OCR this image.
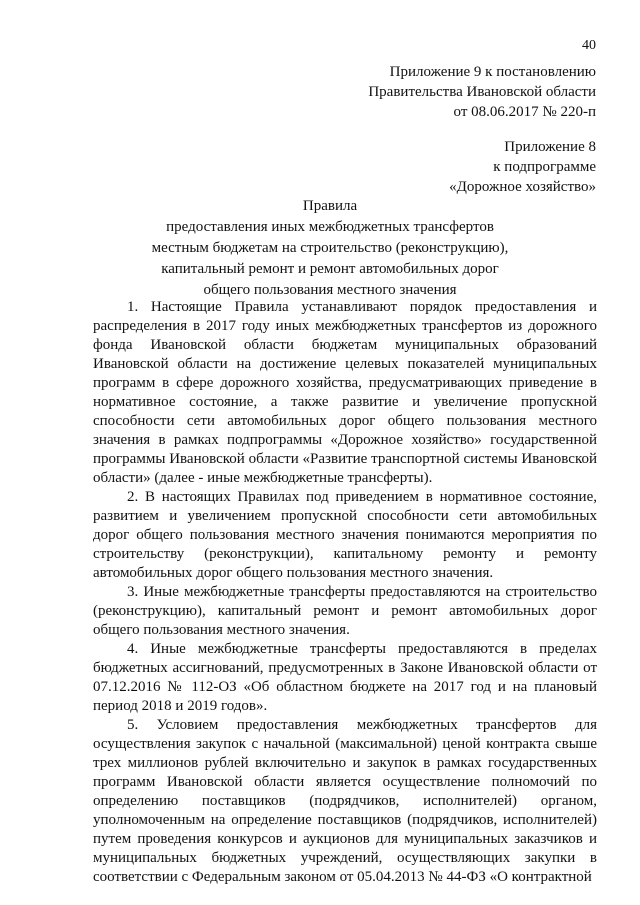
40
Приложение 9 к постановлению
Правительства Ивановской области
от 08.06.2017 № 220-п
Приложение 8
к подпрограмме
«Дорожное хозяйство»
Правила
предоставления иных межбюджетных трансфертов
местным бюджетам на строительство (реконструкцию),
капитальный ремонт и ремонт автомобильных дорог
общего пользования местного значения

1. Настоящие Правила устанавливают порядок предоставления и распределения в 2017 году иных межбюджетных трансфертов из дорожного фонда Ивановской области бюджетам муниципальных образований Ивановской области на достижение целевых показателей муниципальных программ в сфере дорожного хозяйства, предусматривающих приведение в нормативное состояние, а также развитие и увеличение пропускной способности сети автомобильных дорог общего пользования местного значения в рамках подпрограммы «Дорожное хозяйство» государственной программы Ивановской области «Развитие транспортной системы Ивановской области» (далее - иные межбюджетные трансферты).

2. В настоящих Правилах под приведением в нормативное состояние, развитием и увеличением пропускной способности сети автомобильных дорог общего пользования местного значения понимаются мероприятия по строительству (реконструкции), капитальному ремонту и ремонту автомобильных дорог общего пользования местного значения.

3. Иные межбюджетные трансферты предоставляются на строительство (реконструкцию), капитальный ремонт и ремонт автомобильных дорог общего пользования местного значения.

4. Иные межбюджетные трансферты предоставляются в пределах бюджетных ассигнований, предусмотренных в Законе Ивановской области от 07.12.2016 № 112-ОЗ «Об областном бюджете на 2017 год и на плановый период 2018 и 2019 годов».

5. Условием предоставления межбюджетных трансфертов для осуществления закупок с начальной (максимальной) ценой контракта свыше трех миллионов рублей включительно и закупок в рамках государственных программ Ивановской области является осуществление полномочий по определению поставщиков (подрядчиков, исполнителей) органом, уполномоченным на определение поставщиков (подрядчиков, исполнителей) путем проведения конкурсов и аукционов для муниципальных заказчиков и муниципальных бюджетных учреждений, осуществляющих закупки в соответствии с Федеральным законом от 05.04.2013 № 44-ФЗ «О контрактной
